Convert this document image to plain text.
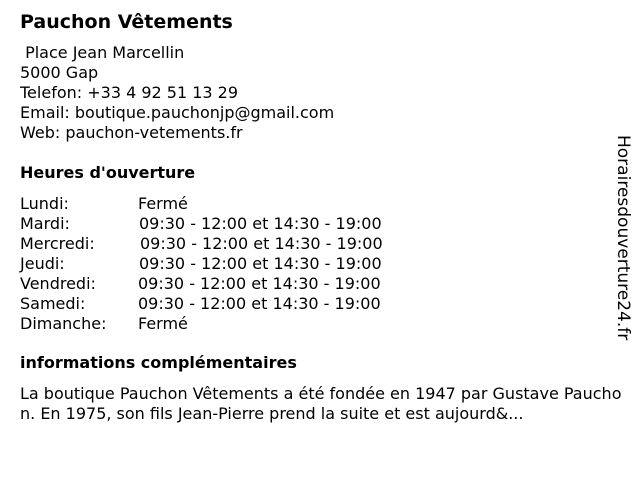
Pauchon Vêtements
Place Jean Marcellin
5000 Gap
Telefon: +33 4 92 51 13 29
Email: boutique.pauchonjp@gmail.com
Web: pauchon-vetements.fr
Heures d'ouverture
Lundi:	Fermé
Mardi:	09:30 - 12:00 et 14:30 - 19:00
Mercredi:	09:30 - 12:00 et 14:30 - 19:00
Jeudi:	09:30 - 12:00 et 14:30 - 19:00
Vendredi:	09:30 - 12:00 et 14:30 - 19:00
Samedi:	09:30 - 12:00 et 14:30 - 19:00
Dimanche: Fermé
informations complémentaires
La boutique Pauchon Vêtements a été fondée en 1947 par Gustave Pauchon. En 1975, son fils Jean-Pierre prend la suite et est aujourd&...
Horairesdouverture24.fr
